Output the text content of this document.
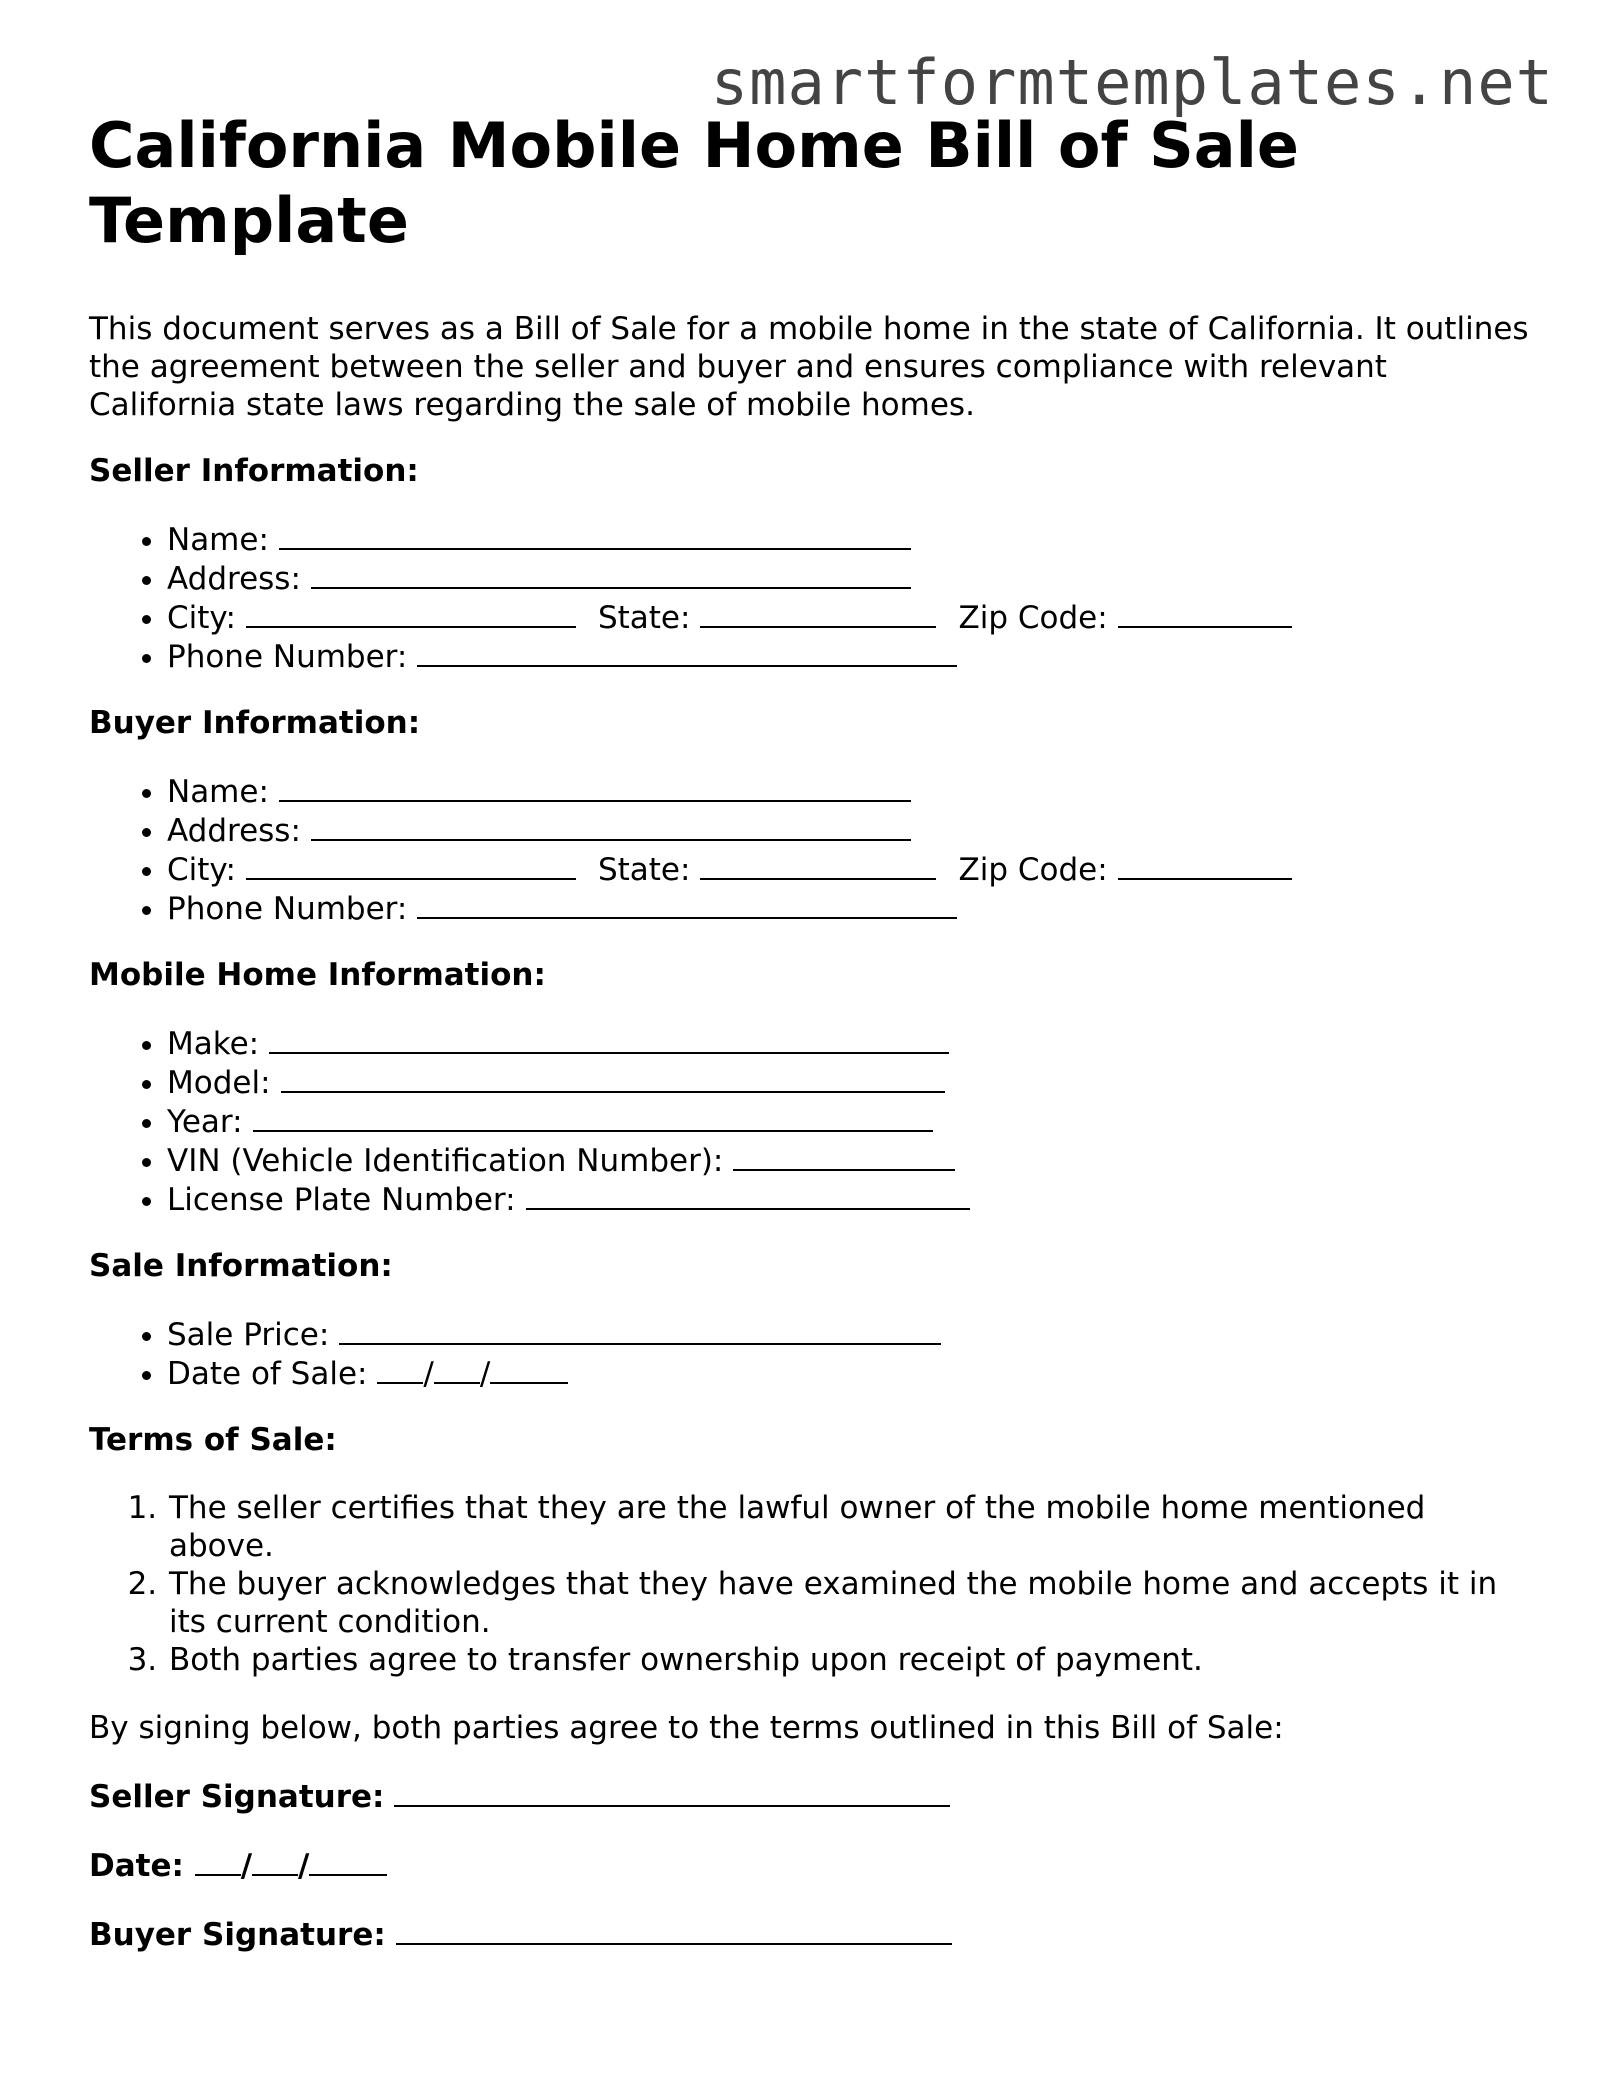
smartformtemplates.net
California Mobile Home Bill of Sale Template

This document serves as a Bill of Sale for a mobile home in the state of California. It outlines the agreement between the seller and buyer and ensures compliance with relevant California state laws regarding the sale of mobile homes.

Seller Information:
• Name:
• Address:
• City:	State:	Zip Code:
• Phone Number:
Buyer Information:
• Name:
• Address:
• City:	State:	Zip Code:
• Phone Number:
Mobile Home Information:
• Make:
• Model:
• Year:
• VIN (Vehicle Identification Number):
• License Plate Number:
Sale Information:
• Sale Price:
• Date of Sale: / /
Terms of Sale:
1. The seller certifies that they are the lawful owner of the mobile home mentioned above.
2. The buyer acknowledges that they have examined the mobile home and accepts it in its current condition.
3. Both parties agree to transfer ownership upon receipt of payment.

By signing below, both parties agree to the terms outlined in this Bill of Sale:

Seller Signature:

Date: / /

Buyer Signature:
